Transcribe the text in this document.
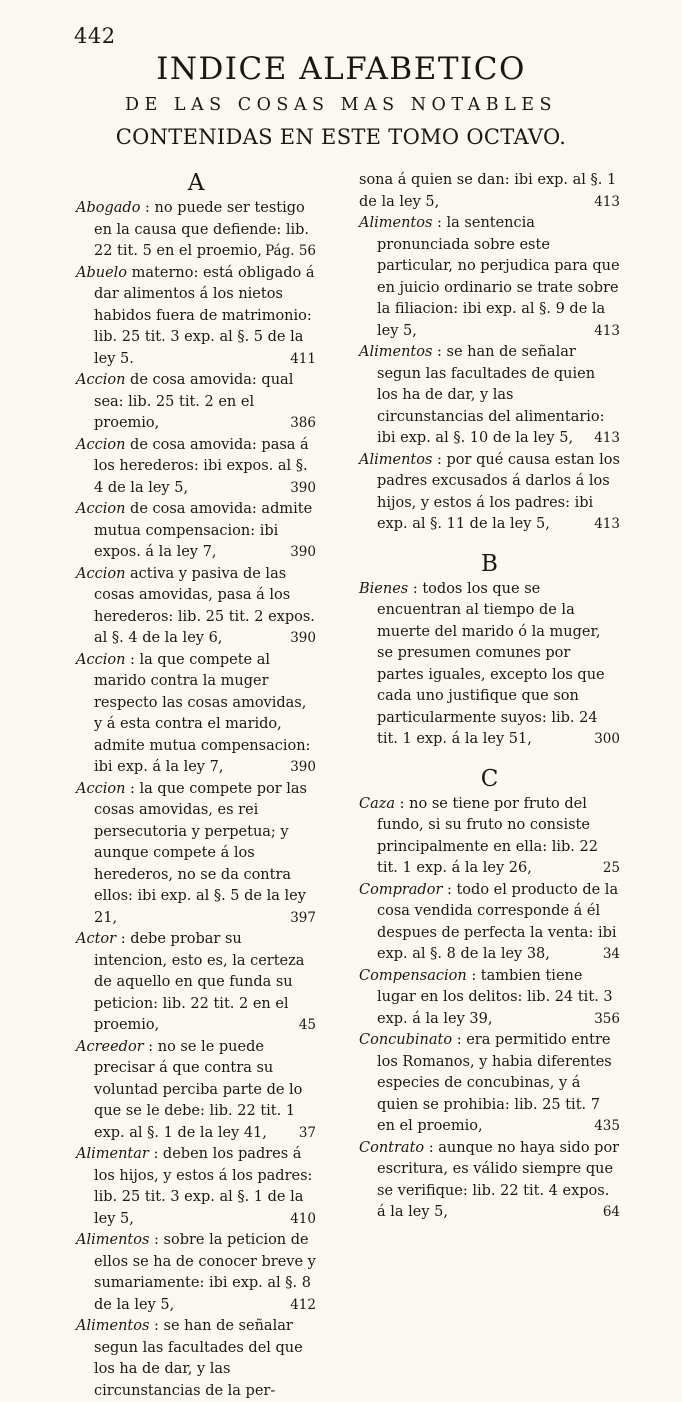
442
INDICE ALFABETICO
DE LAS COSAS MAS NOTABLES
CONTENIDAS EN ESTE TOMO OCTAVO.
A
Abogado : no puede ser testigo en la causa que defiende: lib. 22 tit. 5 en el proemio, Pág. 56
Abuelo materno: está obligado á dar alimentos á los nietos habidos fuera de matrimonio: lib. 25 tit. 3 exp. al §. 5 de la ley 5.	411
Accion de cosa amovida: qual sea: lib. 25 tit. 2 en el proemio,	386
Accion de cosa amovida: pasa á los herederos: ibi expos. al §. 4 de la ley 5,	390
Accion de cosa amovida: admite mutua compensacion: ibi expos. á la ley 7,	390
Accion activa y pasiva de las cosas amovidas, pasa á los herederos: lib. 25 tit. 2 expos. al §. 4 de la ley 6,	390
Accion : la que compete al marido contra la muger respecto las cosas amovidas, y á esta contra el marido, admite mutua compensacion: ibi exp. á la ley 7,	390
Accion : la que compete por las cosas amovidas, es rei persecutoria y perpetua; y aunque compete á los herederos, no se da contra ellos: ibi exp. al §. 5 de la ley 21,	397
Actor : debe probar su intencion, esto es, la certeza de aquello en que funda su peticion: lib. 22 tit. 2 en el proemio,	45
Acreedor : no se le puede precisar á que contra su voluntad perciba parte de lo que se le debe: lib. 22 tit. 1 exp. al §. 1 de la ley 41, 37
Alimentar : deben los padres á los hijos, y estos á los padres: lib. 25 tit. 3 exp. al §. 1 de la ley 5,	410
Alimentos : sobre la peticion de ellos se ha de conocer breve y sumariamente: ibi exp. al §. 8 de la ley 5,	412
Alimentos : se han de señalar segun las facultades del que los ha de dar, y las circunstancias de la per-
sona á quien se dan: ibi exp. al §. 1 de la ley 5,	413
Alimentos : la sentencia pronunciada sobre este particular, no perjudica para que en juicio ordinario se trate sobre la filiacion: ibi exp. al §. 9 de la ley 5,	413
Alimentos : se han de señalar segun las facultades de quien los ha de dar, y las circunstancias del alimentario: ibi exp. al §. 10 de la ley 5, 413
Alimentos : por qué causa estan los padres excusados á darlos á los hijos, y estos á los padres: ibi exp. al §. 11 de la ley 5,	413
B
Bienes : todos los que se encuentran al tiempo de la muerte del marido ó la muger, se presumen comunes por partes iguales, excepto los que cada uno justifique que son particularmente suyos: lib. 24 tit. 1 exp. á la ley 51,	300
C
Caza : no se tiene por fruto del fundo, si su fruto no consiste principalmente en ella: lib. 22 tit. 1 exp. á la ley 26,	25
Comprador : todo el producto de la cosa vendida corresponde á él despues de perfecta la venta: ibi exp. al §. 8 de la ley 38,	34
Compensacion : tambien tiene lugar en los delitos: lib. 24 tit. 3 exp. á la ley 39,	356
Concubinato : era permitido entre los Romanos, y habia diferentes especies de concubinas, y á quien se prohibia: lib. 25 tit. 7 en el proemio,	435
Contrato : aunque no haya sido por escritura, es válido siempre que se verifique: lib. 22 tit. 4 expos. á la ley 5,	64
